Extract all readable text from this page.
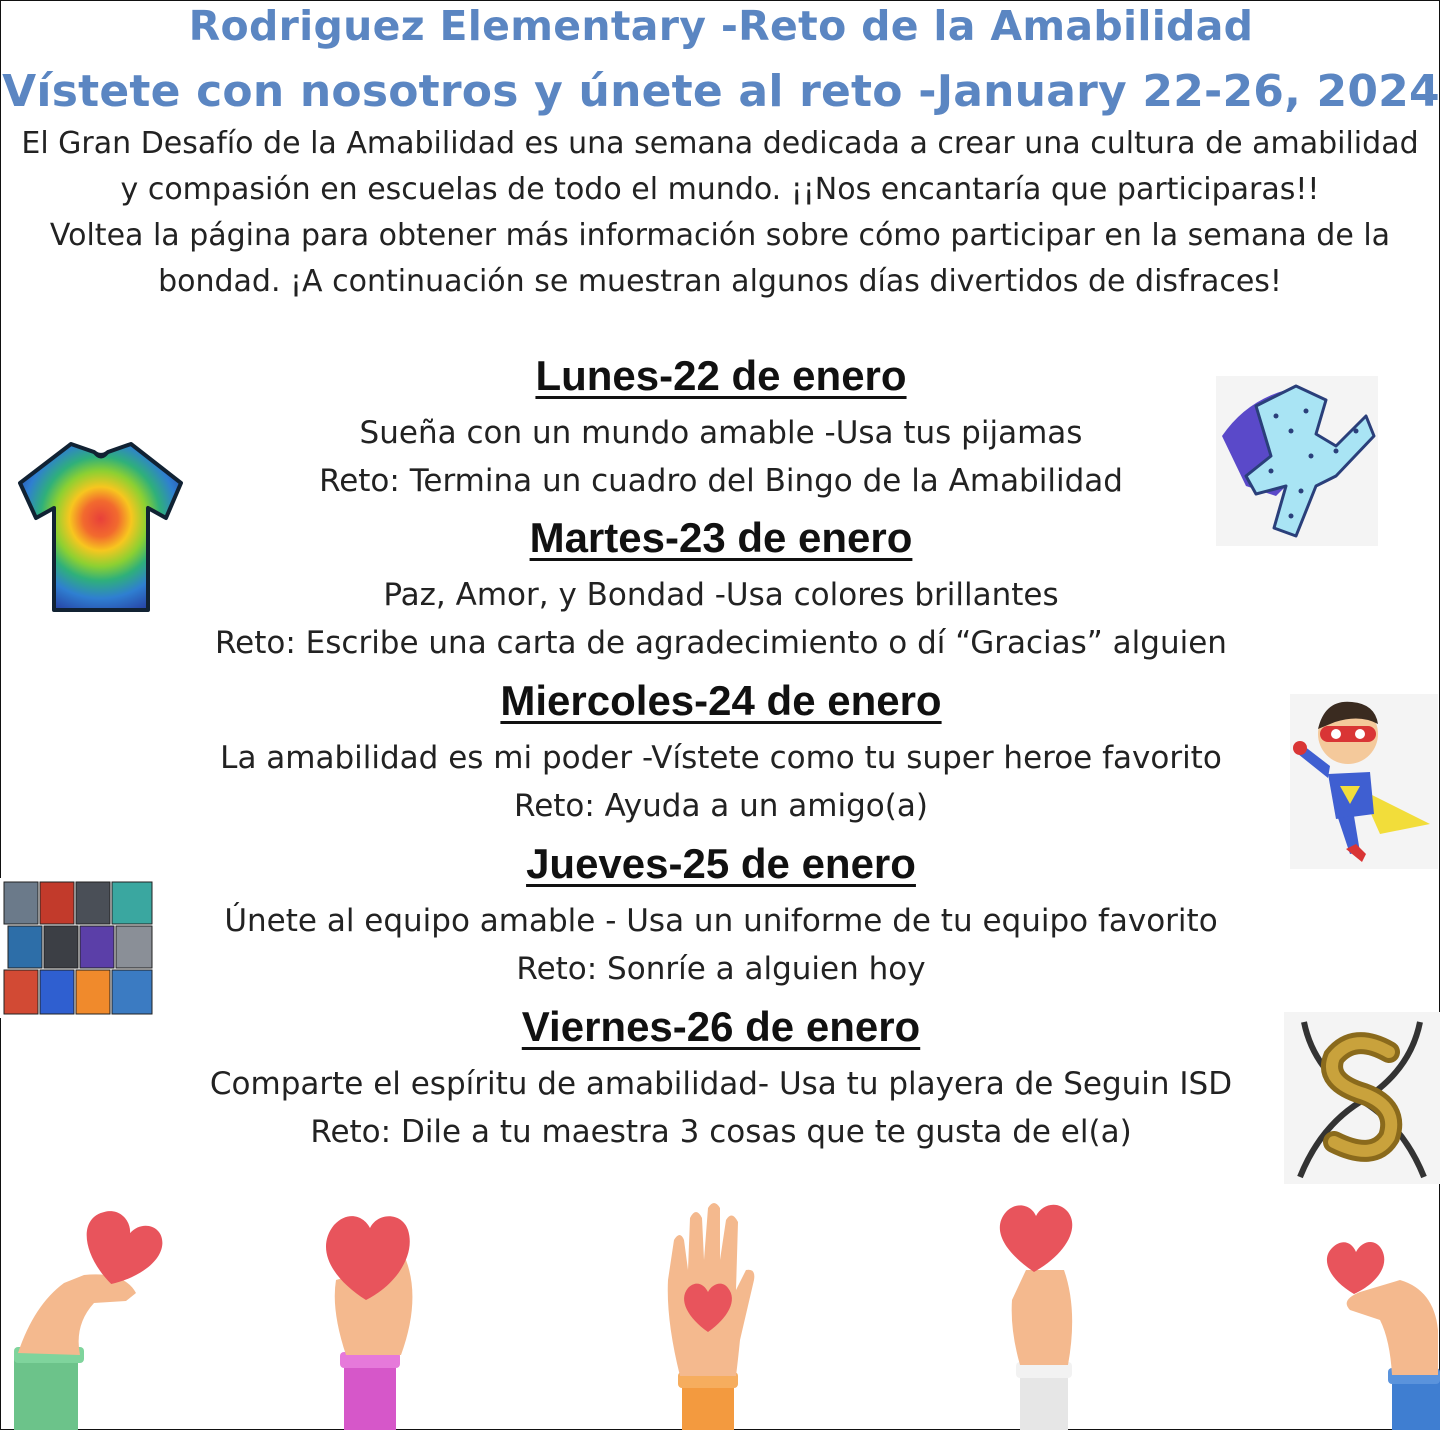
Rodriguez Elementary -Reto de la Amabilidad
Vístete con nosotros y únete al reto -January 22-26, 2024

El Gran Desafío de la Amabilidad es una semana dedicada a crear una cultura de amabilidad y compasión en escuelas de todo el mundo. ¡¡Nos encantaría que participaras!!

Voltea la página para obtener más información sobre cómo participar en la semana de la bondad. ¡A continuación se muestran algunos días divertidos de disfraces!

Lunes-22 de enero
Sueña con un mundo amable -Usa tus pijamas
Reto: Termina un cuadro del Bingo de la Amabilidad
Martes-23 de enero
Paz, Amor, y Bondad -Usa colores brillantes
Reto: Escribe una carta de agradecimiento o dí “Gracias” alguien
Miercoles-24 de enero
La amabilidad es mi poder -Vístete como tu super heroe favorito
Reto: Ayuda a un amigo(a)
Jueves-25 de enero
Únete al equipo amable - Usa un uniforme de tu equipo favorito
Reto: Sonríe a alguien hoy
Viernes-26 de enero
Comparte el espíritu de amabilidad- Usa tu playera de Seguin ISD
Reto: Dile a tu maestra 3 cosas que te gusta de el(a)
